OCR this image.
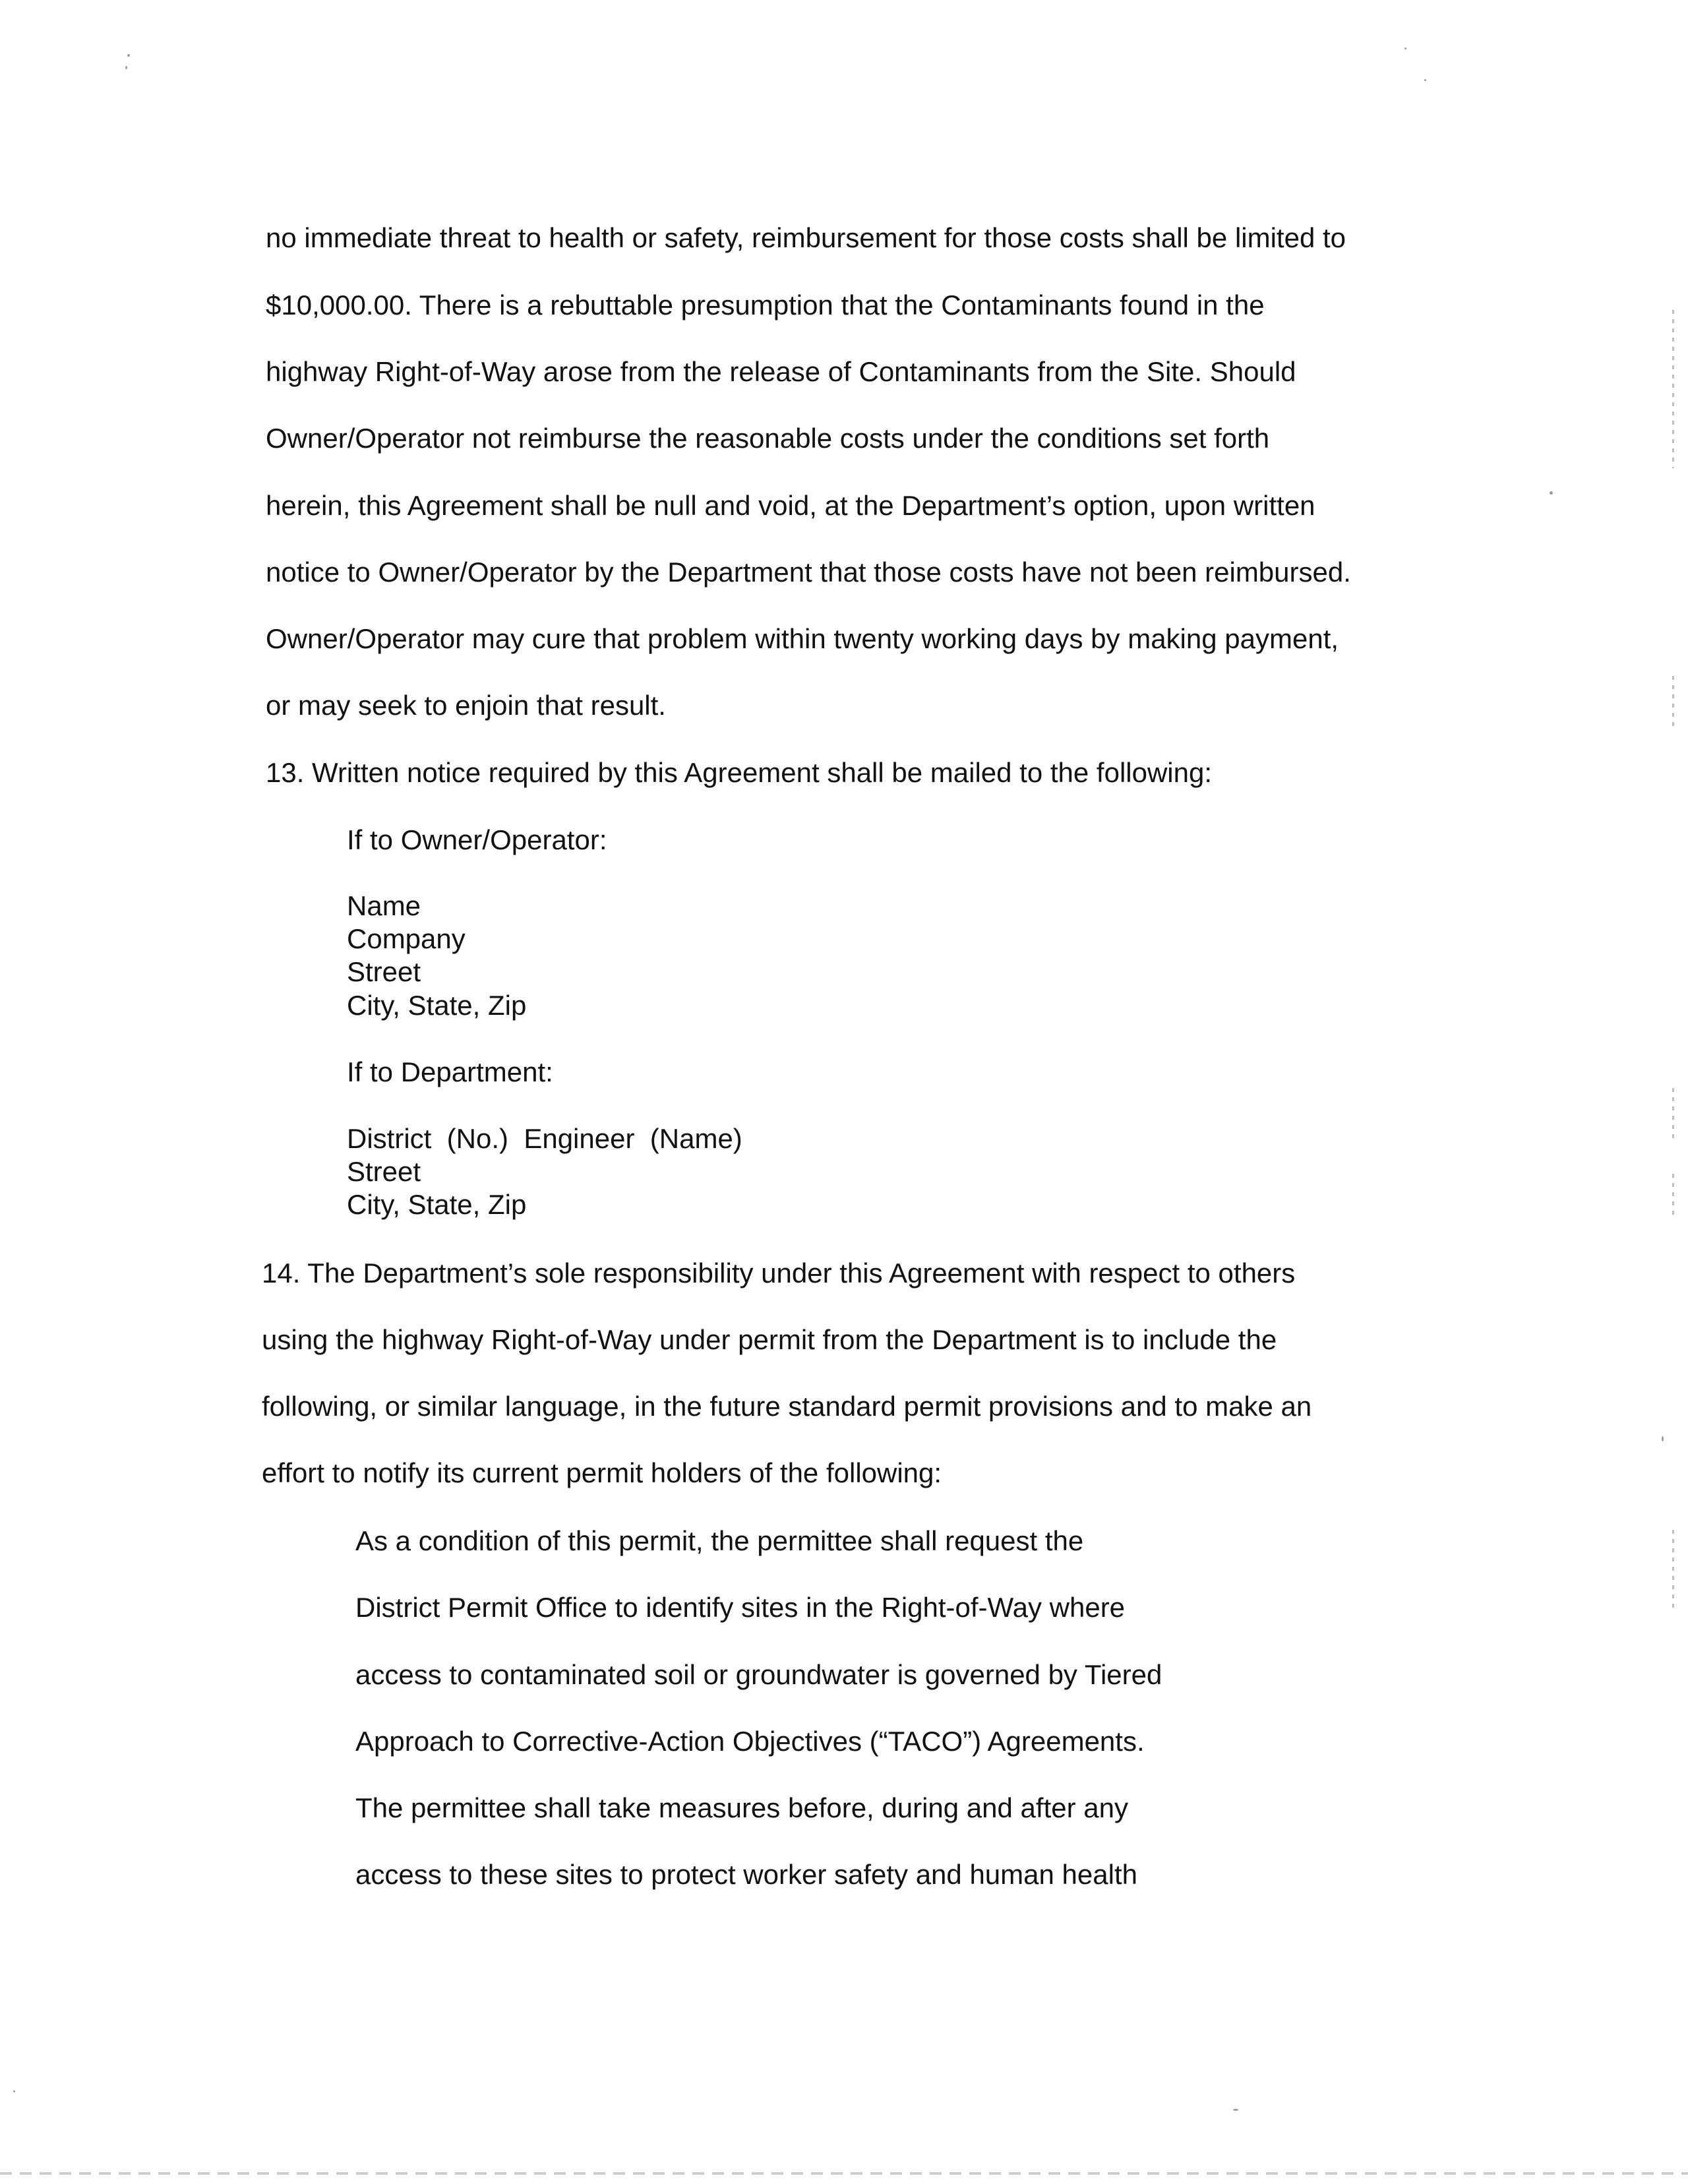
no immediate threat to health or safety, reimbursement for those costs shall be limited to
$10,000.00. There is a rebuttable presumption that the Contaminants found in the
highway Right-of-Way arose from the release of Contaminants from the Site. Should
Owner/Operator not reimburse the reasonable costs under the conditions set forth
herein, this Agreement shall be null and void, at the Department’s option, upon written
notice to Owner/Operator by the Department that those costs have not been reimbursed.
Owner/Operator may cure that problem within twenty working days by making payment,
or may seek to enjoin that result.
13. Written notice required by this Agreement shall be mailed to the following:
If to Owner/Operator:
Name
Company
Street
City, State, Zip
If to Department:
District  (No.)  Engineer  (Name)
Street
City, State, Zip
14. The Department’s sole responsibility under this Agreement with respect to others
using the highway Right-of-Way under permit from the Department is to include the
following, or similar language, in the future standard permit provisions and to make an
effort to notify its current permit holders of the following:
As a condition of this permit, the permittee shall request the
District Permit Office to identify sites in the Right-of-Way where
access to contaminated soil or groundwater is governed by Tiered
Approach to Corrective-Action Objectives (“TACO”) Agreements.
The permittee shall take measures before, during and after any
access to these sites to protect worker safety and human health
